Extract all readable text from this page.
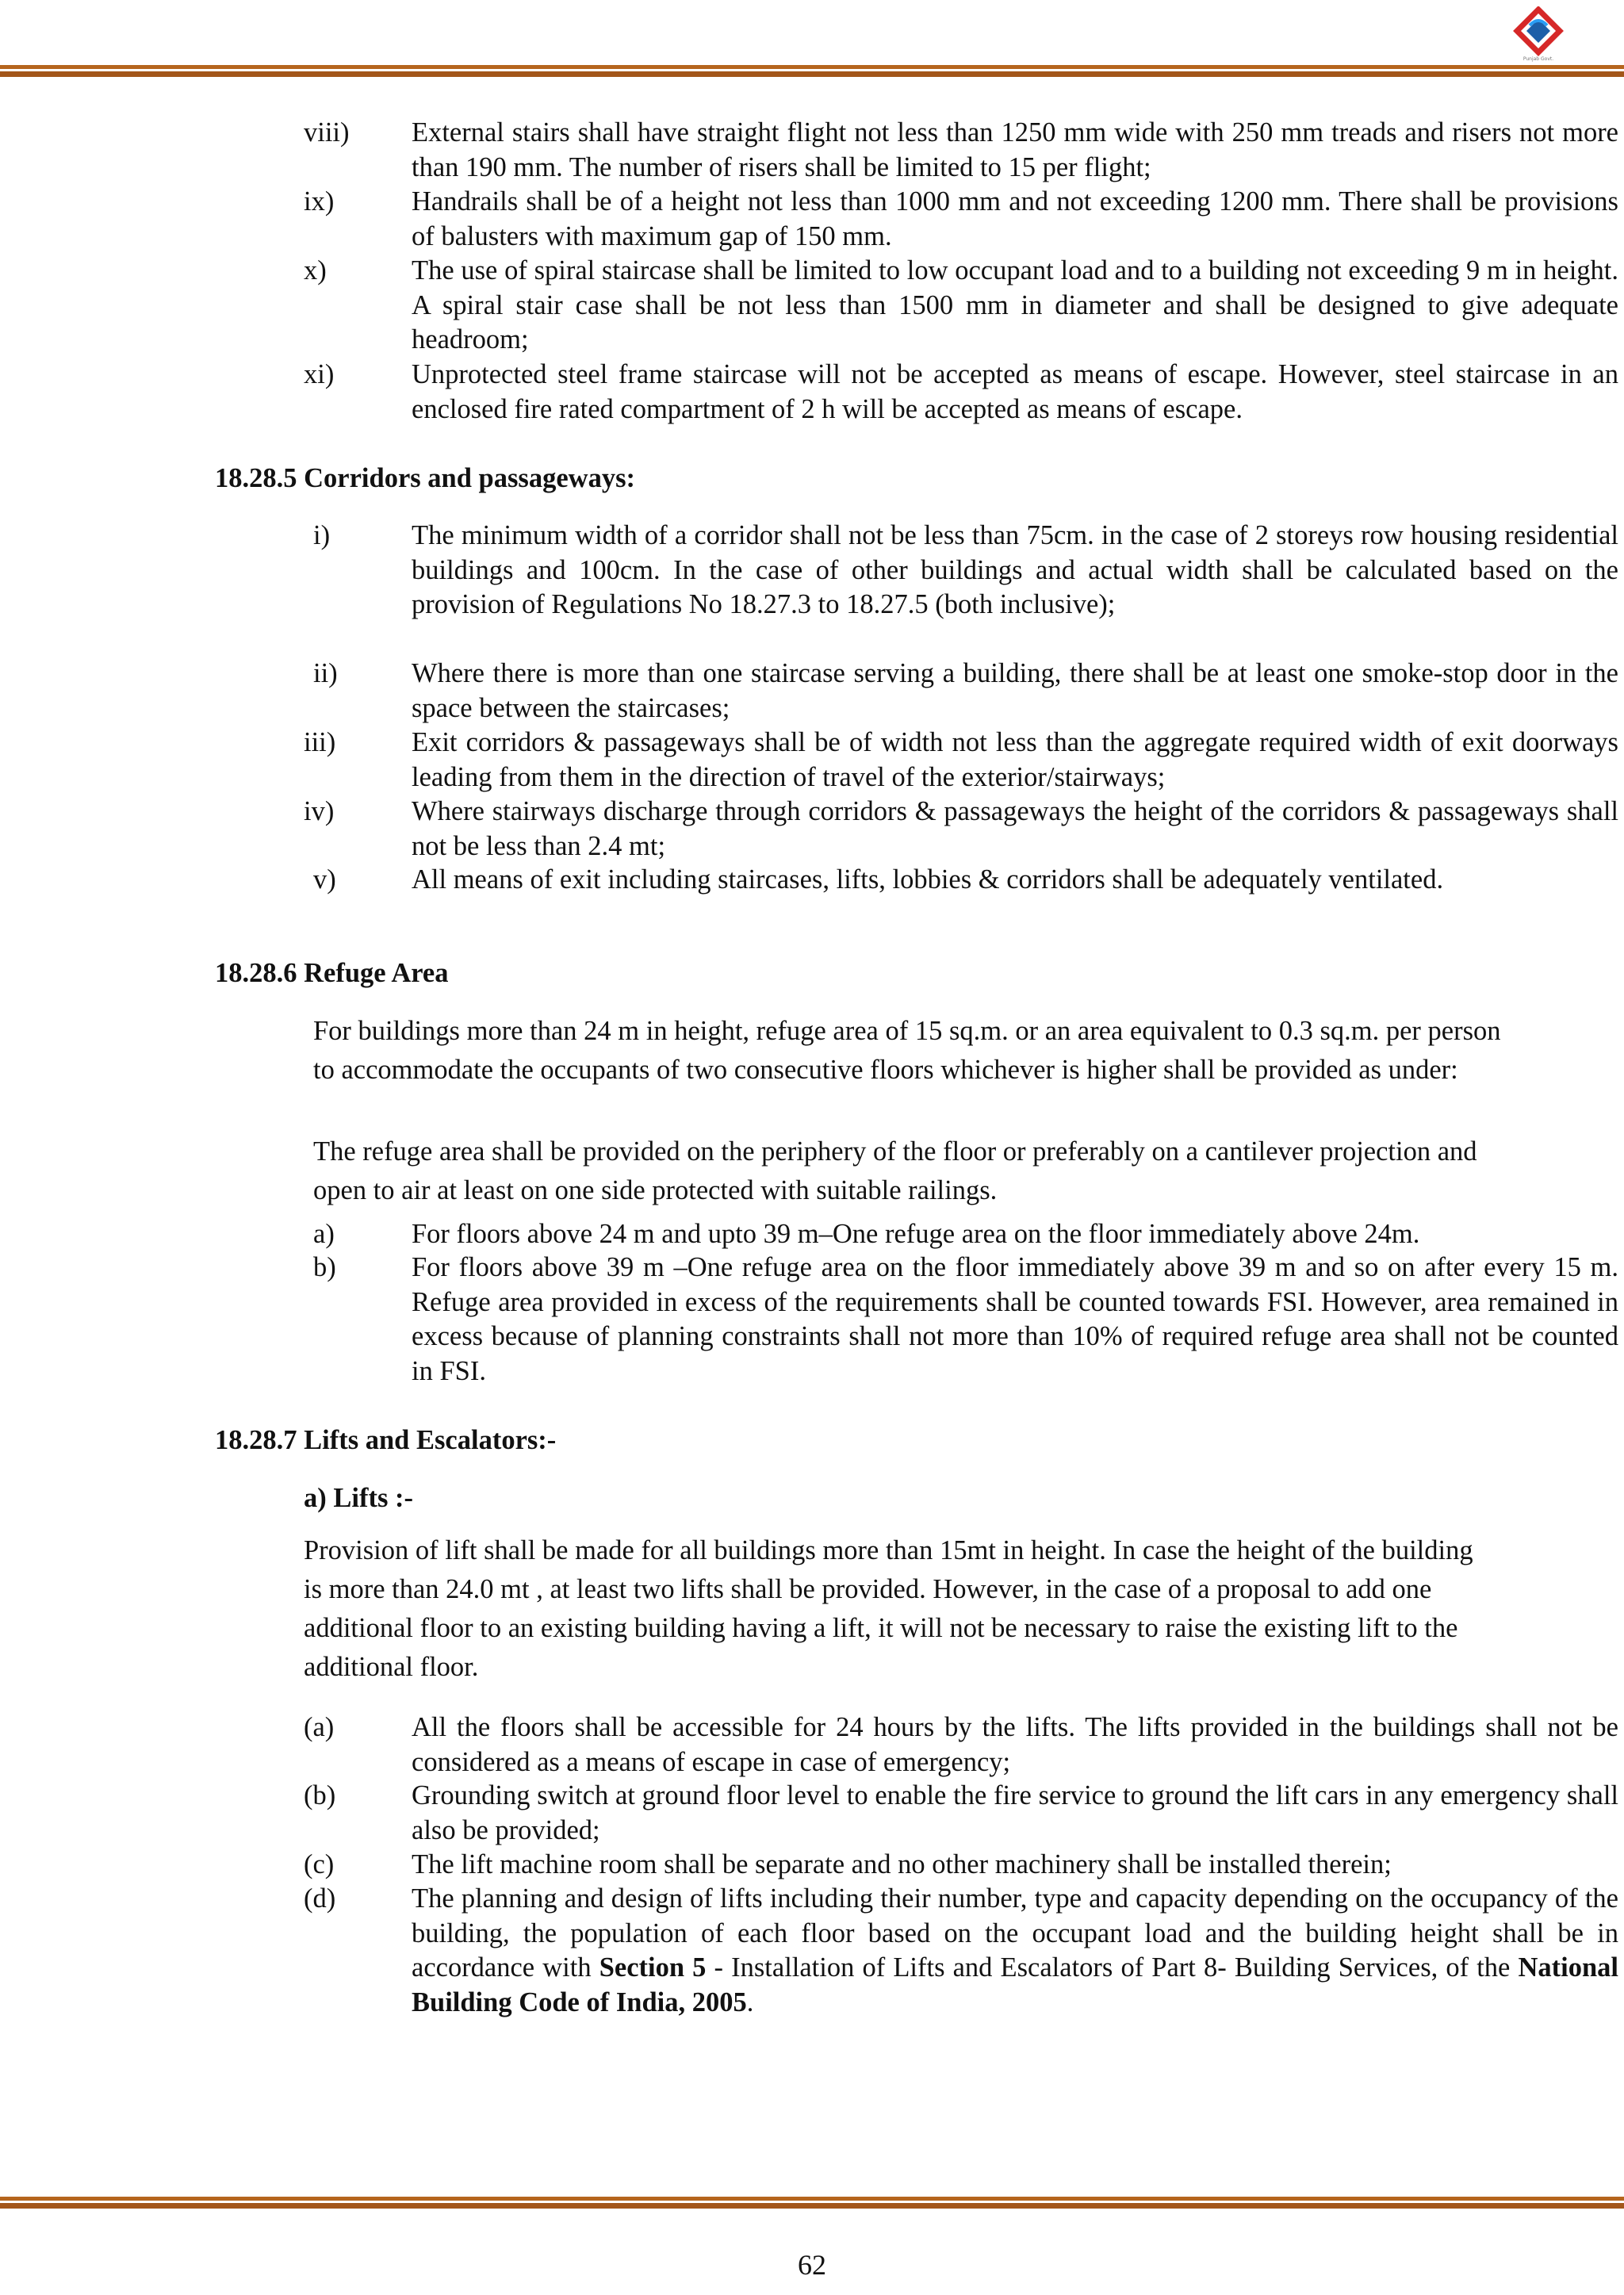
Punjab Govt.
viii) External stairs shall have straight flight not less than 1250 mm wide with 250 mm treads and risers not more than 190 mm. The number of risers shall be limited to 15 per flight;
ix)	Handrails shall be of a height not less than 1000 mm and not exceeding 1200 mm. There shall be provisions of balusters with maximum gap of 150 mm.
x)	The use of spiral staircase shall be limited to low occupant load and to a building not exceeding 9 m in height. A spiral stair case shall be not less than 1500 mm in diameter and shall be designed to give adequate headroom;
xi)	Unprotected steel frame staircase will not be accepted as means of escape. However, steel staircase in an enclosed fire rated compartment of 2 h will be accepted as means of escape.
18.28.5 Corridors and passageways:
i)	The minimum width of a corridor shall not be less than 75cm. in the case of 2 storeys row housing residential buildings and 100cm. In the case of other buildings and actual width shall be calculated based on the provision of Regulations No 18.27.3 to 18.27.5 (both inclusive);
ii)	Where there is more than one staircase serving a building, there shall be at least one smoke-stop door in the space between the staircases;
iii)	Exit corridors & passageways shall be of width not less than the aggregate required width of exit doorways leading from them in the direction of travel of the exterior/stairways;
iv)	Where stairways discharge through corridors & passageways the height of the corridors & passageways shall not be less than 2.4 mt;
v)	All means of exit including staircases, lifts, lobbies & corridors shall be adequately ventilated.
18.28.6 Refuge Area
For buildings more than 24 m in height, refuge area of 15 sq.m. or an area equivalent to 0.3 sq.m. per person to accommodate the occupants of two consecutive floors whichever is higher shall be provided as under:
The refuge area shall be provided on the periphery of the floor or preferably on a cantilever projection and open to air at least on one side protected with suitable railings.
a)	For floors above 24 m and upto 39 m–One refuge area on the floor immediately above 24m.
b)	For floors above 39 m –One refuge area on the floor immediately above 39 m and so on after every 15 m. Refuge area provided in excess of the requirements shall be counted towards FSI. However, area remained in excess because of planning constraints shall not more than 10% of required refuge area shall not be counted in FSI.
18.28.7 Lifts and Escalators:-
a) Lifts :-
Provision of lift shall be made for all buildings more than 15mt in height. In case the height of the building is more than 24.0 mt , at least two lifts shall be provided. However, in the case of a proposal to add one additional floor to an existing building having a lift, it will not be necessary to raise the existing lift to the additional floor.
(a)	All the floors shall be accessible for 24 hours by the lifts. The lifts provided in the buildings shall not be considered as a means of escape in case of emergency;
(b)	Grounding switch at ground floor level to enable the fire service to ground the lift cars in any emergency shall also be provided;
(c)	The lift machine room shall be separate and no other machinery shall be installed therein;
(d)	The planning and design of lifts including their number, type and capacity depending on the occupancy of the building, the population of each floor based on the occupant load and the building height shall be in accordance with Section 5 - Installation of Lifts and Escalators of Part 8- Building Services, of the National Building Code of India, 2005.
62
